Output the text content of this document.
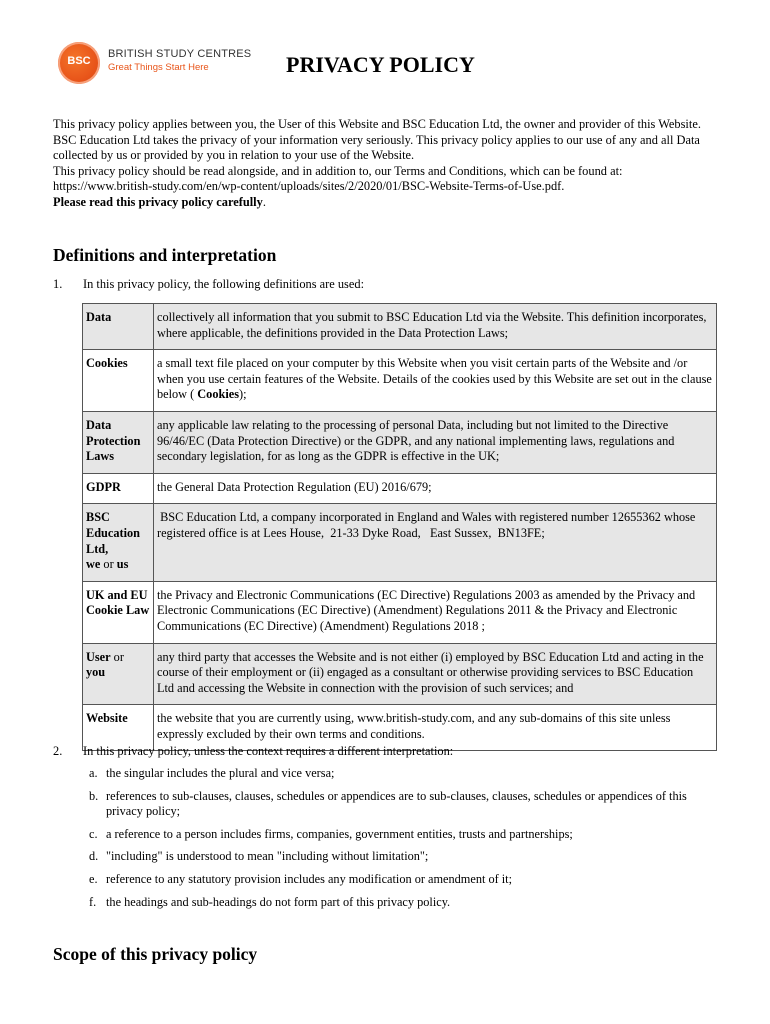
BSC
BRITISH STUDY CENTRES
Great Things Start Here	PRIVACY POLICY

This privacy policy applies between you, the User of this Website and BSC Education Ltd, the owner and provider of this Website. BSC Education Ltd takes the privacy of your information very seriously. This privacy policy applies to our use of any and all Data collected by us or provided by you in relation to your use of the Website.

This privacy policy should be read alongside, and in addition to, our Terms and Conditions, which can be found at: https://www.british-study.com/en/wp-content/uploads/sites/2/2020/01/BSC-Website-Terms-of-Use.pdf.

Please read this privacy policy carefully.

Definitions and interpretation
1. In this privacy policy, the following definitions are used:
Data	collectively all information that you submit to BSC Education Ltd via the Website. This definition incorporates, where applicable, the definitions provided in the Data Protection Laws;
Cookies	a small text file placed on your computer by this Website when you visit certain parts of the Website and /or when you use certain features of the Website. Details of the cookies used by this Website are set out in the clause below ( Cookies);
Data Protection Laws	any applicable law relating to the processing of personal Data, including but not limited to the Directive 96/46/EC (Data Protection Directive) or the GDPR, and any national implementing laws, regulations and secondary legislation, for as long as the GDPR is effective in the UK;
GDPR	the General Data Protection Regulation (EU) 2016/679;
BSC Education Ltd,
we or us	BSC Education Ltd, a company incorporated in England and Wales with registered number 12655362 whose registered office is at Lees House,  21-33 Dyke Road,   East Sussex,  BN13FE;
UK and EU Cookie Law	the Privacy and Electronic Communications (EC Directive) Regulations 2003 as amended by the Privacy and Electronic Communications (EC Directive) (Amendment) Regulations 2011 & the Privacy and Electronic Communications (EC Directive) (Amendment) Regulations 2018 ;
User or
you	any third party that accesses the Website and is not either (i) employed by BSC Education Ltd and acting in the course of their employment or (ii) engaged as a consultant or otherwise providing services to BSC Education Ltd and accessing the Website in connection with the provision of such services; and
Website	the website that you are currently using, www.british-study.com, and any sub-domains of this site unless expressly excluded by their own terms and conditions.
2. In this privacy policy, unless the context requires a different interpretation:
a. the singular includes the plural and vice versa;
b. references to sub-clauses, clauses, schedules or appendices are to sub-clauses, clauses, schedules or appendices of this privacy policy;
c. a reference to a person includes firms, companies, government entities, trusts and partnerships;
d. "including" is understood to mean "including without limitation";
e. reference to any statutory provision includes any modification or amendment of it;
f. the headings and sub-headings do not form part of this privacy policy.
Scope of this privacy policy
